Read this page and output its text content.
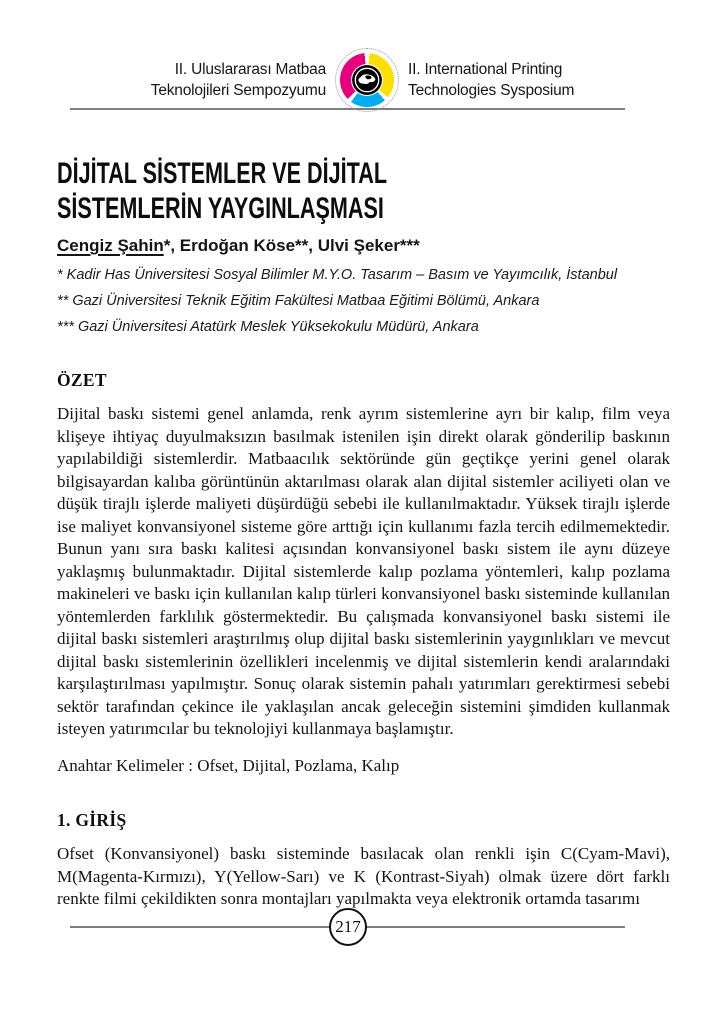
II. Uluslararası Matbaa
Teknolojileri Sempozyumu
II. International Printing
Technologies Sysposium
DİJİTAL SİSTEMLER VE DİJİTAL
SİSTEMLERİN YAYGINLAŞMASI
Cengiz Şahin*, Erdoğan Köse**, Ulvi Şeker***
* Kadir Has Üniversitesi Sosyal Bilimler M.Y.O. Tasarım – Basım ve Yayımcılık, İstanbul
** Gazi Üniversitesi Teknik Eğitim Fakültesi Matbaa Eğitimi Bölümü, Ankara
*** Gazi Üniversitesi Atatürk Meslek Yüksekokulu Müdürü, Ankara
ÖZET

Dijital baskı sistemi genel anlamda, renk ayrım sistemlerine ayrı bir kalıp, film veya klişeye ihtiyaç duyulmaksızın basılmak istenilen işin direkt olarak gönderilip baskının yapılabildiği sistemlerdir. Matbaacılık sektöründe gün geçtikçe yerini genel olarak bilgisayardan kalıba görüntünün aktarılması olarak alan dijital sistemler aciliyeti olan ve düşük tirajlı işlerde maliyeti düşürdüğü sebebi ile kullanılmaktadır. Yüksek tirajlı işlerde ise maliyet konvansiyonel sisteme göre arttığı için kullanımı fazla tercih edilmemektedir. Bunun yanı sıra baskı kalitesi açısından konvansiyonel baskı sistem ile aynı düzeye yaklaşmış bulunmaktadır. Dijital sistemlerde kalıp pozlama yöntemleri, kalıp pozlama makineleri ve baskı için kullanılan kalıp türleri konvansiyonel baskı sisteminde kullanılan yöntemlerden farklılık göstermektedir. Bu çalışmada konvansiyonel baskı sistemi ile dijital baskı sistemleri araştırılmış olup dijital baskı sistemlerinin yaygınlıkları ve mevcut dijital baskı sistemlerinin özellikleri incelenmiş ve dijital sistemlerin kendi aralarındaki karşılaştırılması yapılmıştır. Sonuç olarak sistemin pahalı yatırımları gerektirmesi sebebi sektör tarafından çekince ile yaklaşılan ancak geleceğin sistemini şimdiden kullanmak isteyen yatırımcılar bu teknolojiyi kullanmaya başlamıştır.

Anahtar Kelimeler : Ofset, Dijital, Pozlama, Kalıp

1. GİRİŞ

Ofset (Konvansiyonel) baskı sisteminde basılacak olan renkli işin C(Cyam-Mavi), M(Magenta-Kırmızı), Y(Yellow-Sarı) ve K (Kontrast-Siyah) olmak üzere dört farklı renkte filmi çekildikten sonra montajları yapılmakta veya elektronik ortamda tasarımı

217
